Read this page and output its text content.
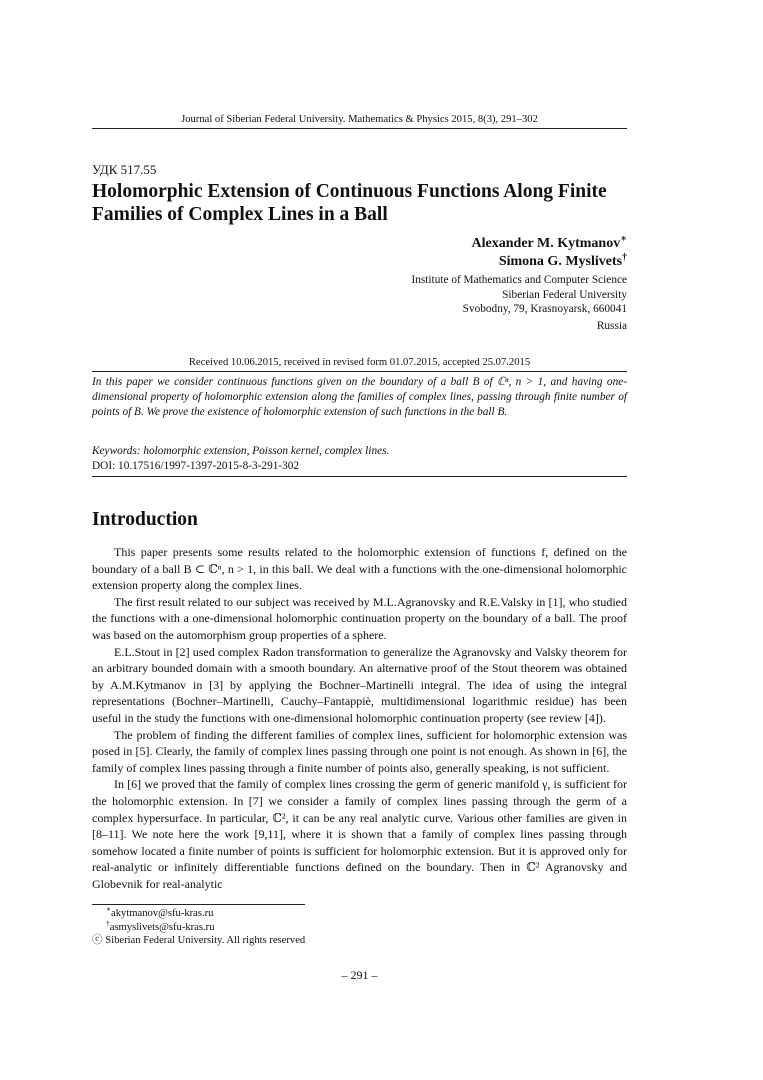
Journal of Siberian Federal University. Mathematics & Physics 2015, 8(3), 291–302
УДК 517.55
Holomorphic Extension of Continuous Functions Along Finite Families of Complex Lines in a Ball
Alexander M. Kytmanov∗
Simona G. Myslivets†
Institute of Mathematics and Computer Science
Siberian Federal University
Svobodny, 79, Krasnoyarsk, 660041
Russia
Received 10.06.2015, received in revised form 01.07.2015, accepted 25.07.2015
In this paper we consider continuous functions given on the boundary of a ball B of ℂⁿ, n > 1, and having one-dimensional property of holomorphic extension along the families of complex lines, passing through finite number of points of B. We prove the existence of holomorphic extension of such functions in the ball B.
Keywords: holomorphic extension, Poisson kernel, complex lines.
DOI: 10.17516/1997-1397-2015-8-3-291-302
Introduction

This paper presents some results related to the holomorphic extension of functions f, defined on the boundary of a ball B ⊂ ℂⁿ, n > 1, in this ball. We deal with a functions with the one-dimensional holomorphic extension property along the complex lines.

The first result related to our subject was received by M.L.Agranovsky and R.E.Valsky in [1], who studied the functions with a one-dimensional holomorphic continuation property on the boundary of a ball. The proof was based on the automorphism group properties of a sphere.

E.L.Stout in [2] used complex Radon transformation to generalize the Agranovsky and Valsky theorem for an arbitrary bounded domain with a smooth boundary. An alternative proof of the Stout theorem was obtained by A.M.Kytmanov in [3] by applying the Bochner–Martinelli integral. The idea of using the integral representations (Bochner–Martinelli, Cauchy–Fantappiè, multidimensional logarithmic residue) has been useful in the study the functions with one-dimensional holomorphic continuation property (see review [4]).

The problem of finding the different families of complex lines, sufficient for holomorphic extension was posed in [5]. Clearly, the family of complex lines passing through one point is not enough. As shown in [6], the family of complex lines passing through a finite number of points also, generally speaking, is not sufficient.

In [6] we proved that the family of complex lines crossing the germ of generic manifold γ, is sufficient for the holomorphic extension. In [7] we consider a family of complex lines passing through the germ of a complex hypersurface. In particular, ℂ², it can be any real analytic curve. Various other families are given in [8–11]. We note here the work [9,11], where it is shown that a family of complex lines passing through somehow located a finite number of points is sufficient for holomorphic extension. But it is approved only for real-analytic or infinitely differentiable functions defined on the boundary. Then in ℂ² Agranovsky and Globevnik for real-analytic

∗akytmanov@sfu-kras.ru
†asmyslivets@sfu-kras.ru
ⓒ Siberian Federal University. All rights reserved
– 291 –
